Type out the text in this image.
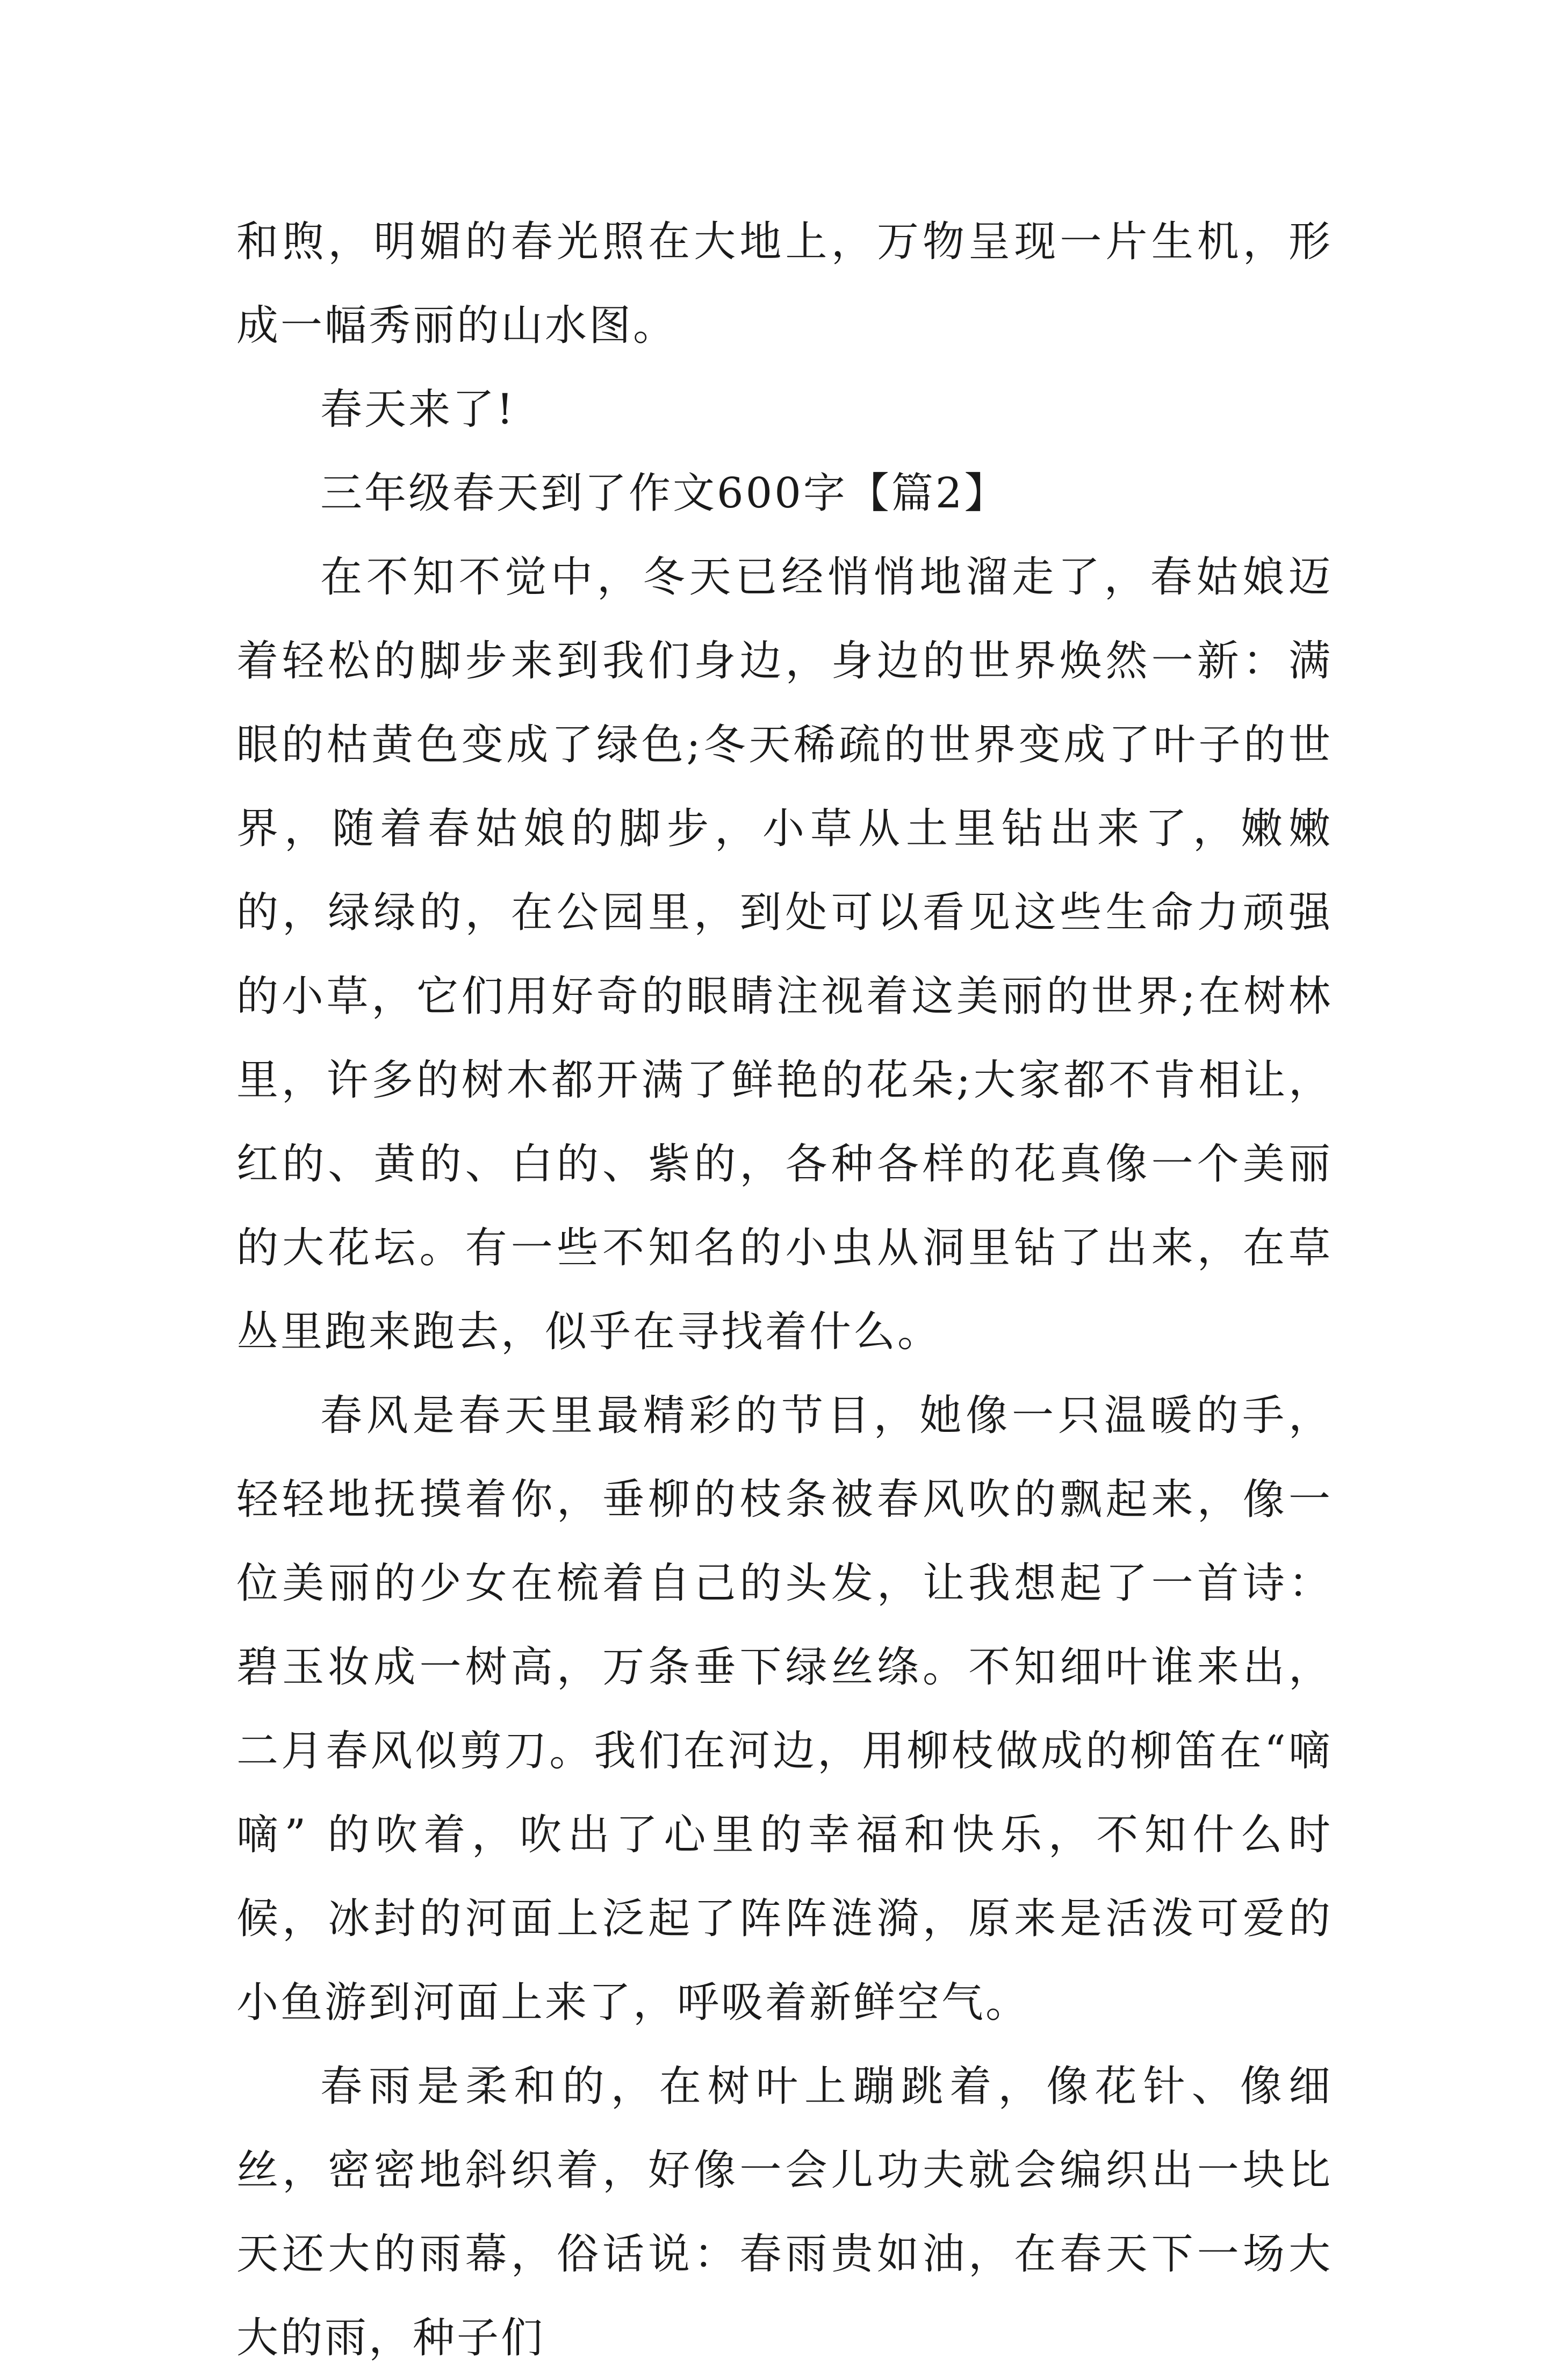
和煦，明媚的春光照在大地上，万物呈现一片生机，形成一幅秀丽的山水图。

春天来了!

三年级春天到了作文600字【篇2】

在不知不觉中，冬天已经悄悄地溜走了，春姑娘迈着轻松的脚步来到我们身边，身边的世界焕然一新：满眼的枯黄色变成了绿色;冬天稀疏的世界变成了叶子的世界，随着春姑娘的脚步，小草从土里钻出来了，嫩嫩的，绿绿的，在公园里，到处可以看见这些生命力顽强的小草，它们用好奇的眼睛注视着这美丽的世界;在树林里，许多的树木都开满了鲜艳的花朵;大家都不肯相让，红的、黄的、白的、紫的，各种各样的花真像一个美丽的大花坛。有一些不知名的小虫从洞里钻了出来，在草丛里跑来跑去，似乎在寻找着什么。

春风是春天里最精彩的节目，她像一只温暖的手，轻轻地抚摸着你，垂柳的枝条被春风吹的飘起来，像一位美丽的少女在梳着自己的头发，让我想起了一首诗：碧玉妆成一树高，万条垂下绿丝绦。不知细叶谁来出，二月春风似剪刀。我们在河边，用柳枝做成的柳笛在“嘀嘀” 的吹着，吹出了心里的幸福和快乐，不知什么时候，冰封的河面上泛起了阵阵涟漪，原来是活泼可爱的小鱼游到河面上来了，呼吸着新鲜空气。

春雨是柔和的，在树叶上蹦跳着，像花针、像细丝，密密地斜织着，好像一会儿功夫就会编织出一块比天还大的雨幕，俗话说：春雨贵如油，在春天下一场大大的雨，种子们
